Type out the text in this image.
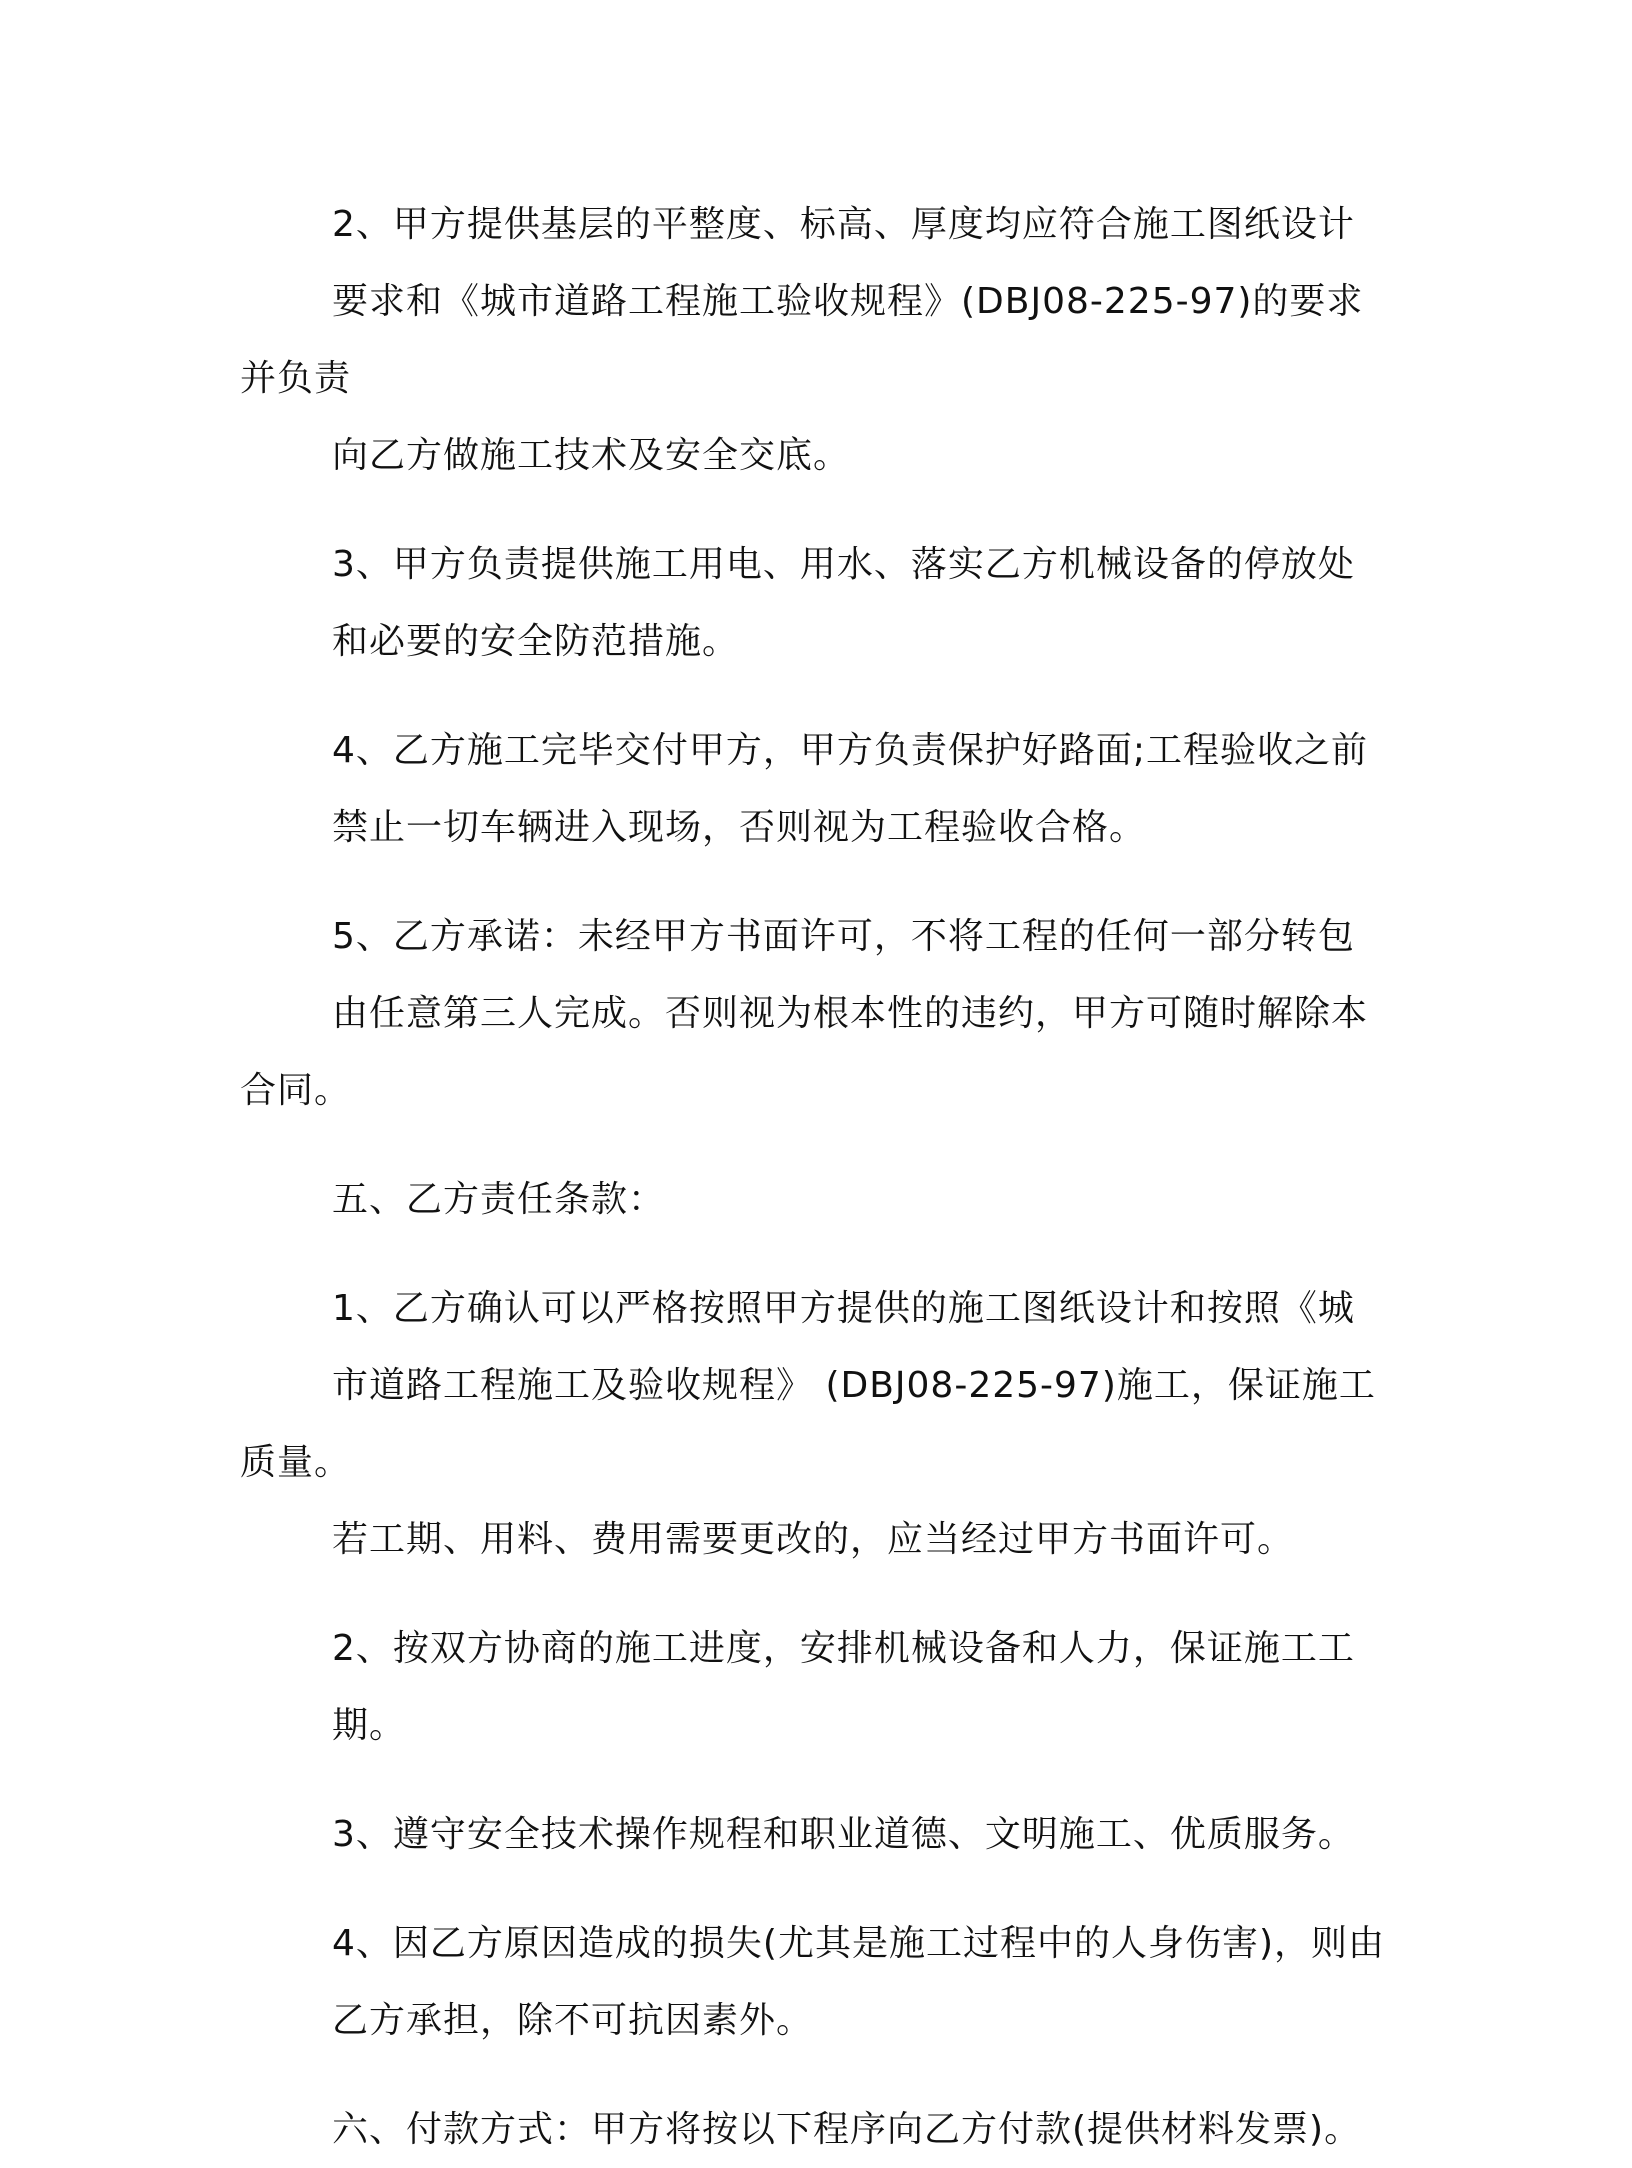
2、甲方提供基层的平整度、标高、厚度均应符合施工图纸设计
要求和《城市道路工程施工验收规程》(DBJ08-225-97)的要求并负责
向乙方做施工技术及安全交底。

3、甲方负责提供施工用电、用水、落实乙方机械设备的停放处
和必要的安全防范措施。

4、乙方施工完毕交付甲方，甲方负责保护好路面;工程验收之前
禁止一切车辆进入现场，否则视为工程验收合格。

5、乙方承诺：未经甲方书面许可，不将工程的任何一部分转包
由任意第三人完成。否则视为根本性的违约，甲方可随时解除本合同。

五、乙方责任条款：

1、乙方确认可以严格按照甲方提供的施工图纸设计和按照《城
市道路工程施工及验收规程》 (DBJ08-225-97)施工，保证施工质量。
若工期、用料、费用需要更改的，应当经过甲方书面许可。

2、按双方协商的施工进度，安排机械设备和人力，保证施工工
期。

3、遵守安全技术操作规程和职业道德、文明施工、优质服务。

4、因乙方原因造成的损失(尤其是施工过程中的人身伤害)，则由
乙方承担，除不可抗因素外。

六、付款方式：甲方将按以下程序向乙方付款(提供材料发票)。
